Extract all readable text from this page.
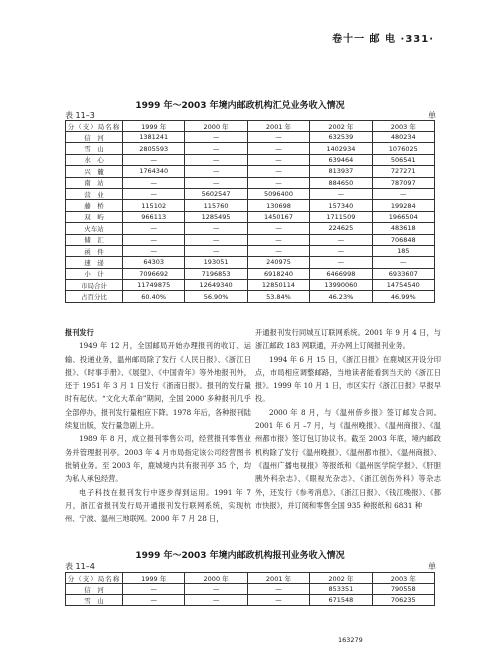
卷十一 邮 电 ·331·
1999 年～2003 年境内邮政机构汇兑业务收入情况
表 11–3	单
分（支）局名称	1999 年	2000 年	2001 年	2002 年	2003 年
信　河	1381241	—	—	632539	480234
雪　山	2805593	—	—	1402934	1076025
水　心	—	—	—	639464	506541
兴　麓	1764340	—	—	813937	727271
南　站	—	—	—	884650	787097
营　业	—	5602547	5096400	—	—
藤　桥	115102	115760	130698	157340	199284
双　屿	966113	1285495	1450167	1711509	1966504
火车站	—	—	—	224625	483618
储　汇	—	—	—	—	706848
函　件	—	—	—	—	185
速　递	64303	193051	240975	—	—
小　计	7096692	7196853	6918240	6466998	6933607
市局合计	11749875	12649340	12850114	13990060	14754540
占百分比	60.40%	56.90%	53.84%	46.23%	46.99%

报刊发行

1949 年 12 月，全国邮局开始办理报刊的收订、运输、投递业务，温州邮局除了发行《人民日报》、《浙江日报》、《时事手册》、《展望》、《中国青年》等外地报刊外，还于 1951 年 3 月 1 日发行《浙南日报》。报刊的发行量时有起伏。“文化大革命”期间，全国 2000 多种报刊几乎全部停办，报刊发行量相应下降。1978 年后，各种报刊陆续复出版，发行量急剧上升。

1989 年 8 月，成立报刊零售公司，经营报刊零售业务并管理报刊亭。2003 年 4 月市局指定该公司经营图书批销业务。至 2003 年，鹿城境内共有报刊亭 35 个，均为私人承包经营。

电子科技在报刊发行中逐步得到运用。1991 年 7 月，浙江省报刊发行局开通报刊发行联网系统，实现杭州、宁波、温州三地联网。2000 年 7 月 28 日，

开通报刊发行同城互订联网系统。2001 年 9 月 4 日，与浙江邮政 183 网联通，开办网上订阅报刊业务。

1994 年 6 月 15 日，《浙江日报》在鹿城区开设分印点，市局相应调整邮路，当地读者能看到当天的《浙江日报》。1999 年 10 月 1 日，市区实行《浙江日报》早报早投。

2000 年 8 月，与《温州侨乡报》签订邮发合同。2001 年 6 月 –7 月，与《温州晚报》、《温州商报》、《温州都市报》签订包订协议书。截至 2003 年底，境内邮政机构除了发行《温州晚报》、《温州都市报》、《温州商报》、《温州广播电视报》等报纸和《温州医学院学报》、《肝胆胰外科杂志》、《眼视光杂志》、《浙江创伤外科》等杂志外，还发行《参考消息》、《浙江日报》、《钱江晚报》、《都市快报》，并订阅和零售全国 935 种报纸和 6831 种

1999 年～2003 年境内邮政机构报刊业务收入情况
表 11–4	单
分（支）局名称	1999 年	2000 年	2001 年	2002 年	2003 年
信　河	—	—	—	853351	790558
雪　山	—	—	—	671548	706235
163279
